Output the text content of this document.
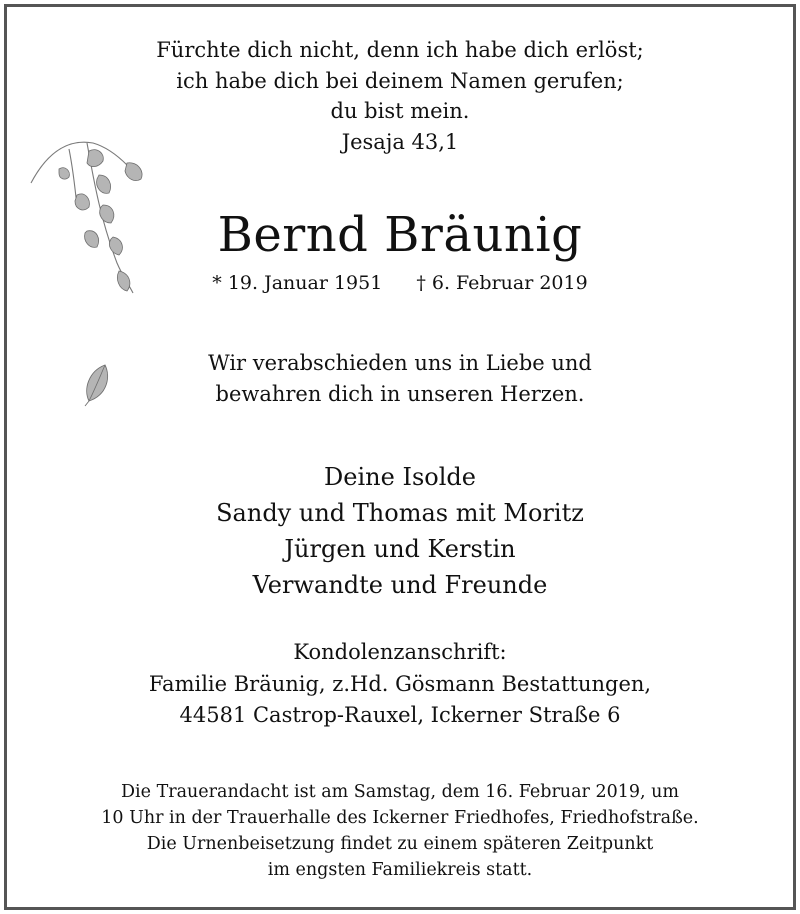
Fürchte dich nicht, denn ich habe dich erlöst;
ich habe dich bei deinem Namen gerufen;
du bist mein.
Jesaja 43,1
Bernd Bräunig
* 19. Januar 1951 † 6. Februar 2019
Wir verabschieden uns in Liebe und
bewahren dich in unseren Herzen.
Deine Isolde
Sandy und Thomas mit Moritz
Jürgen und Kerstin
Verwandte und Freunde
Kondolenzanschrift:
Familie Bräunig, z.Hd. Gösmann Bestattungen,
44581 Castrop-Rauxel, Ickerner Straße 6
Die Trauerandacht ist am Samstag, dem 16. Februar 2019, um
10 Uhr in der Trauerhalle des Ickerner Friedhofes, Friedhofstraße.
Die Urnenbeisetzung findet zu einem späteren Zeitpunkt
im engsten Familiekreis statt.
